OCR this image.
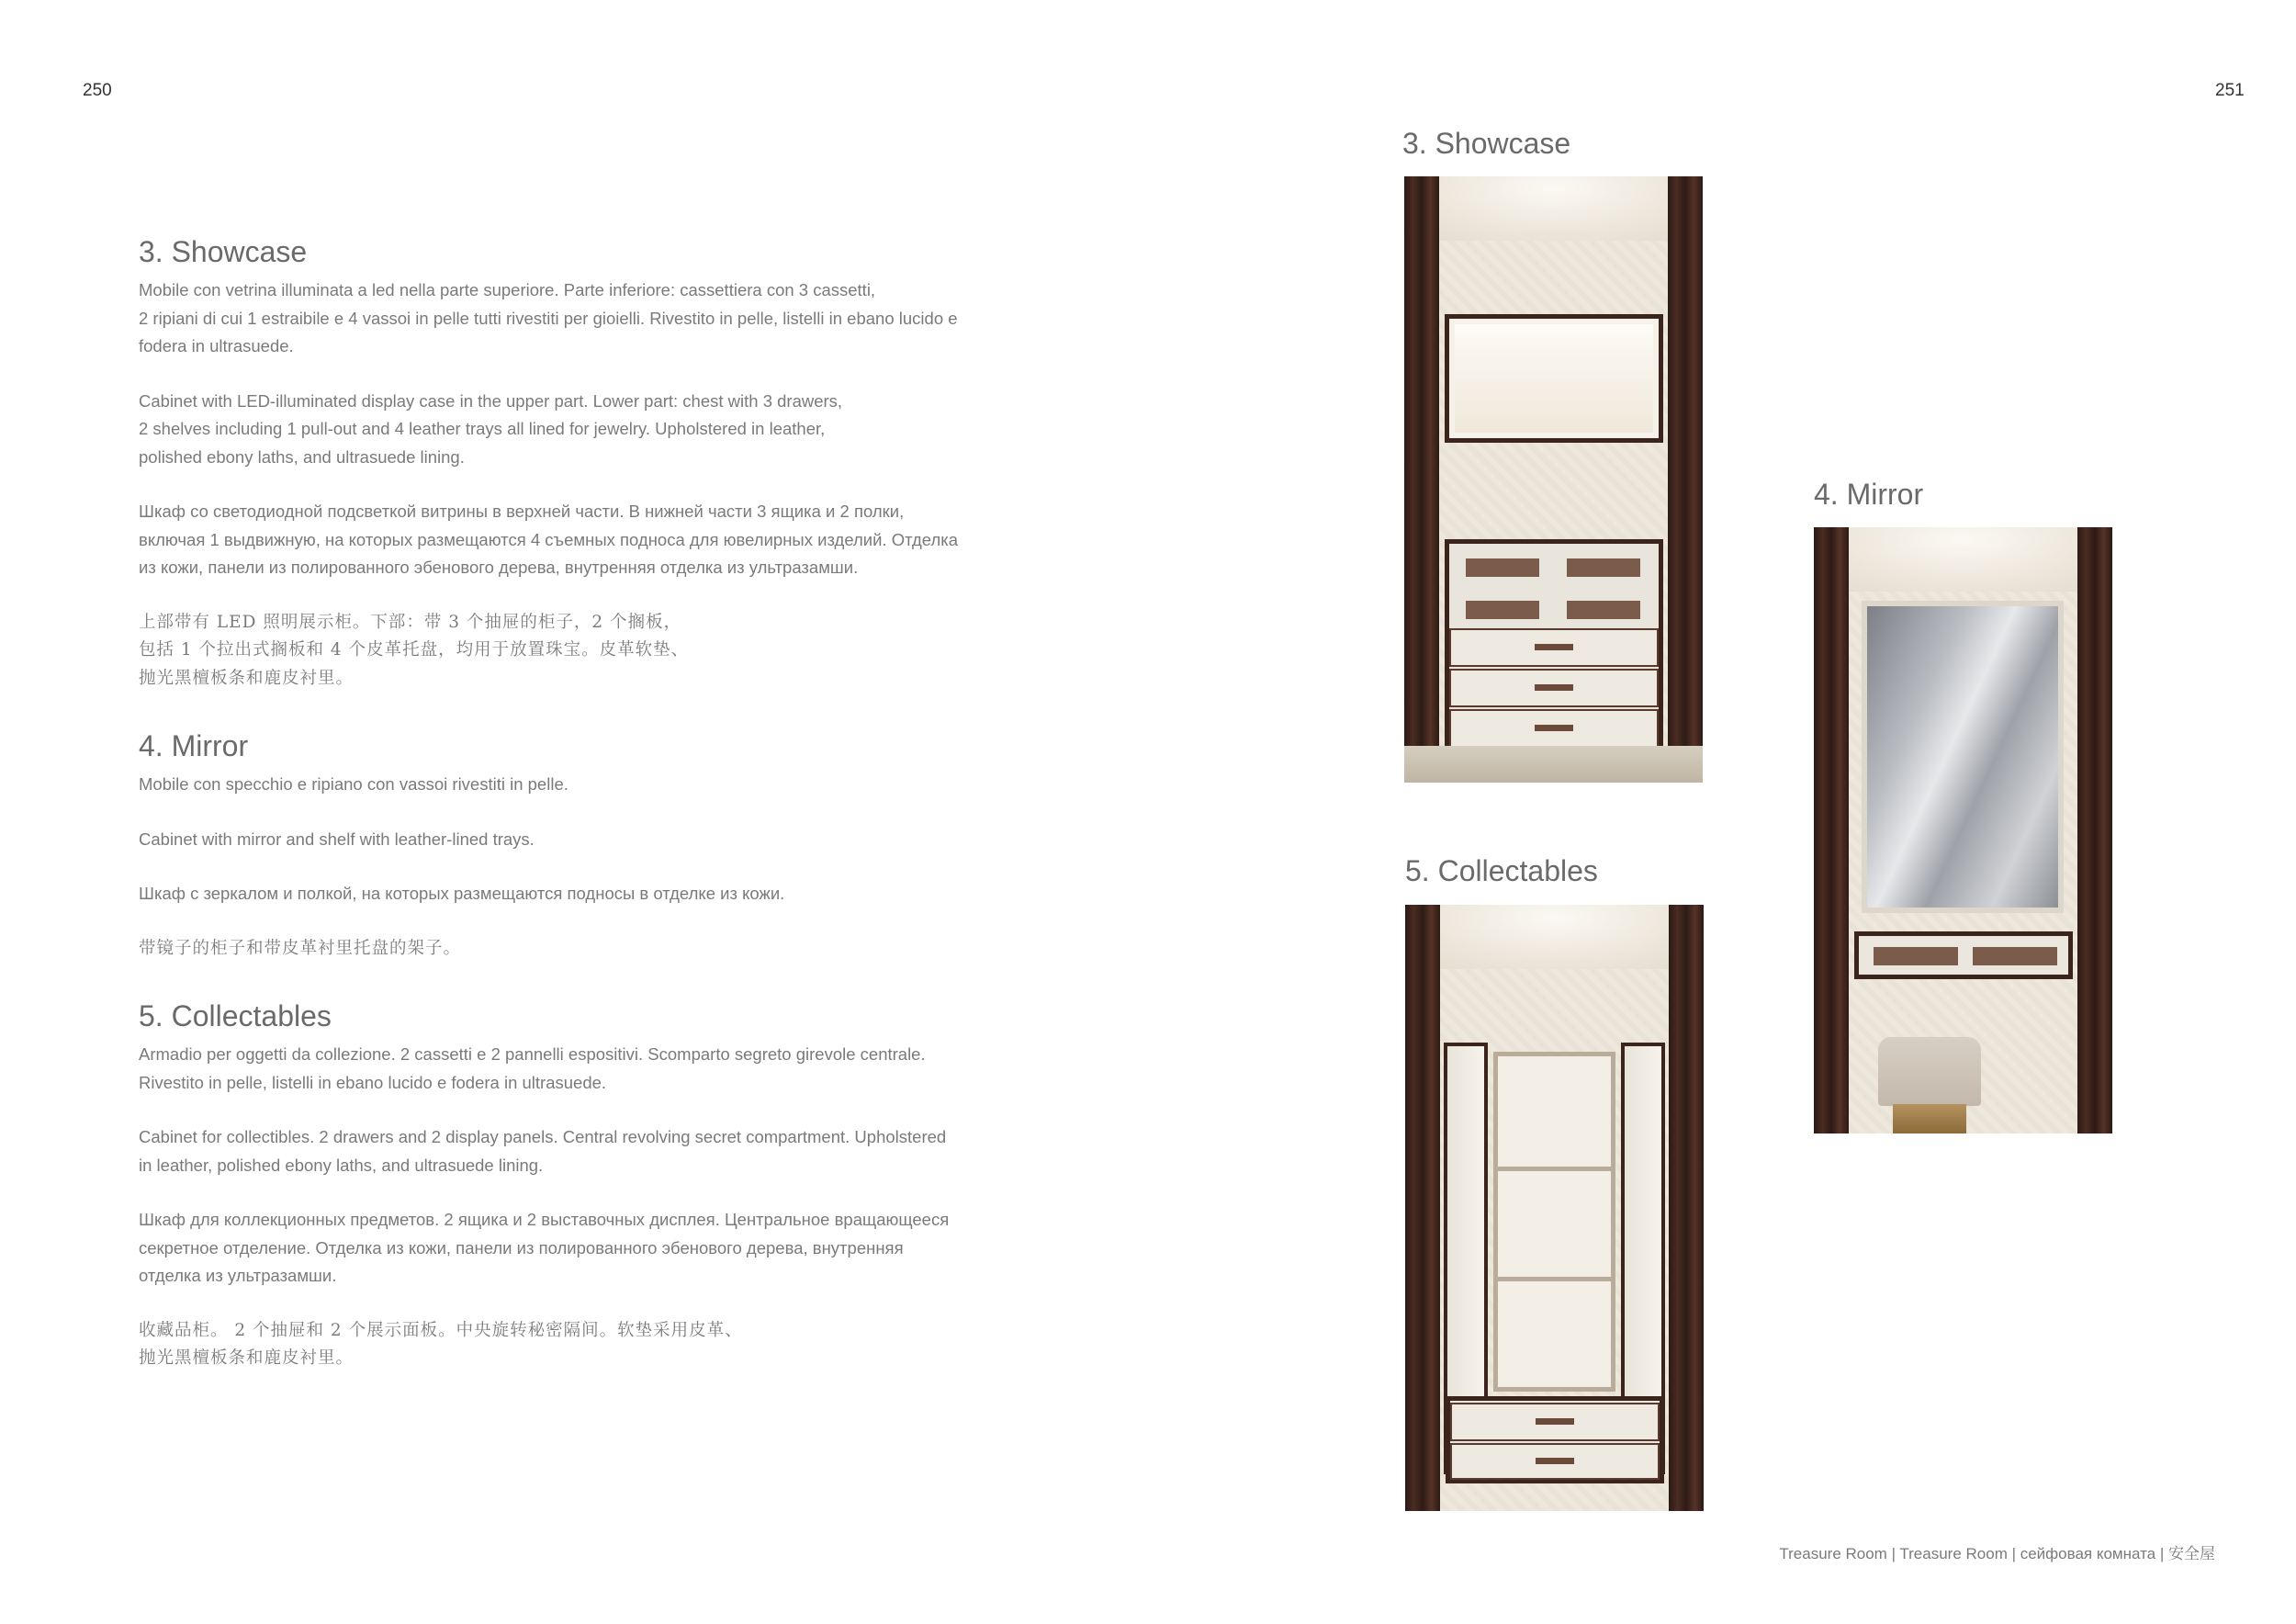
250	251
3. Showcase

Mobile con vetrina illuminata a led nella parte superiore. Parte inferiore: cassettiera con 3 cassetti,
2 ripiani di cui 1 estraibile e 4 vassoi in pelle tutti rivestiti per gioielli. Rivestito in pelle, listelli in ebano lucido e
fodera in ultrasuede.

Cabinet with LED-illuminated display case in the upper part. Lower part: chest with 3 drawers,
2 shelves including 1 pull-out and 4 leather trays all lined for jewelry. Upholstered in leather,
polished ebony laths, and ultrasuede lining.

Шкаф со светодиодной подсветкой витрины в верхней части. В нижней части 3 ящика и 2 полки,
включая 1 выдвижную, на которых размещаются 4 съемных подноса для ювелирных изделий. Отделка
из кожи, панели из полированного эбенового дерева, внутренняя отделка из ультразамши.

上部带有 LED 照明展示柜。下部：带 3 个抽屉的柜子，2 个搁板，
包括 1 个拉出式搁板和 4 个皮革托盘，均用于放置珠宝。皮革软垫、
抛光黑檀板条和鹿皮衬里。

4. Mirror

Mobile con specchio e ripiano con vassoi rivestiti in pelle.

Cabinet with mirror and shelf with leather-lined trays.

Шкаф с зеркалом и полкой, на которых размещаются подносы в отделке из кожи.

带镜子的柜子和带皮革衬里托盘的架子。

5. Collectables

Armadio per oggetti da collezione. 2 cassetti e 2 pannelli espositivi. Scomparto segreto girevole centrale.
Rivestito in pelle, listelli in ebano lucido e fodera in ultrasuede.

Cabinet for collectibles. 2 drawers and 2 display panels. Central revolving secret compartment. Upholstered
in leather, polished ebony laths, and ultrasuede lining.

Шкаф для коллекционных предметов. 2 ящика и 2 выставочных дисплея. Центральное вращающееся
секретное отделение. Отделка из кожи, панели из полированного эбенового дерева, внутренняя
отделка из ультразамши.

收藏品柜。 2 个抽屉和 2 个展示面板。中央旋转秘密隔间。软垫采用皮革、
抛光黑檀板条和鹿皮衬里。

3. Showcase
4. Mirror
5. Collectables
Treasure Room | Treasure Room | сейфовая комната | 安全屋
